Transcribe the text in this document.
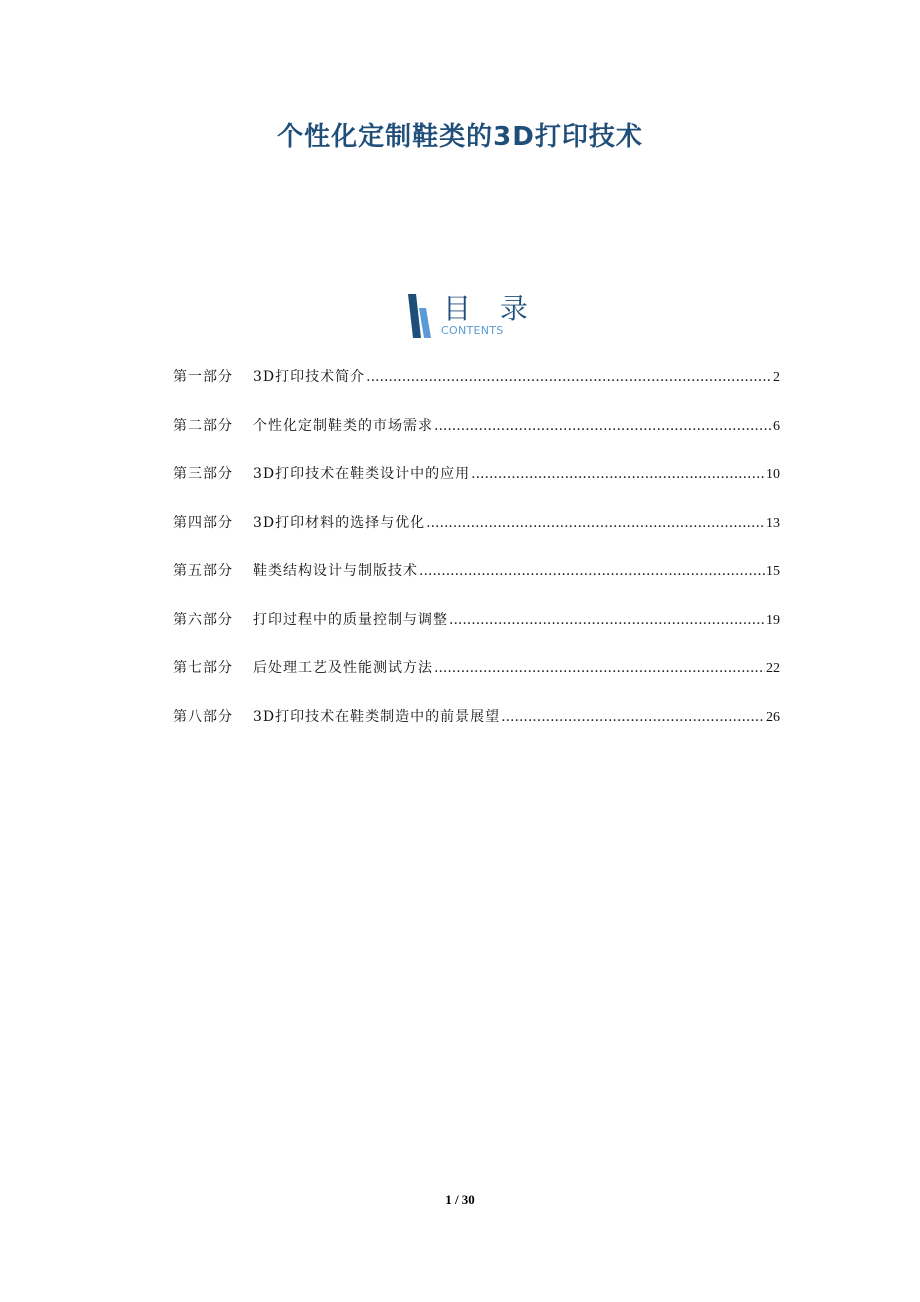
个性化定制鞋类的3D打印技术
目 录
CONTENTS
第一部分	3D打印技术简介 .....	2
第二部分	个性化定制鞋类的市场需求 .....	6
第三部分	3D打印技术在鞋类设计中的应用 .....	10
第四部分	3D打印材料的选择与优化 .....	13
第五部分	鞋类结构设计与制版技术 .....	15
第六部分	打印过程中的质量控制与调整 .....	19
第七部分	后处理工艺及性能测试方法 .....	22
第八部分	3D打印技术在鞋类制造中的前景展望 .....	26
1 / 30
